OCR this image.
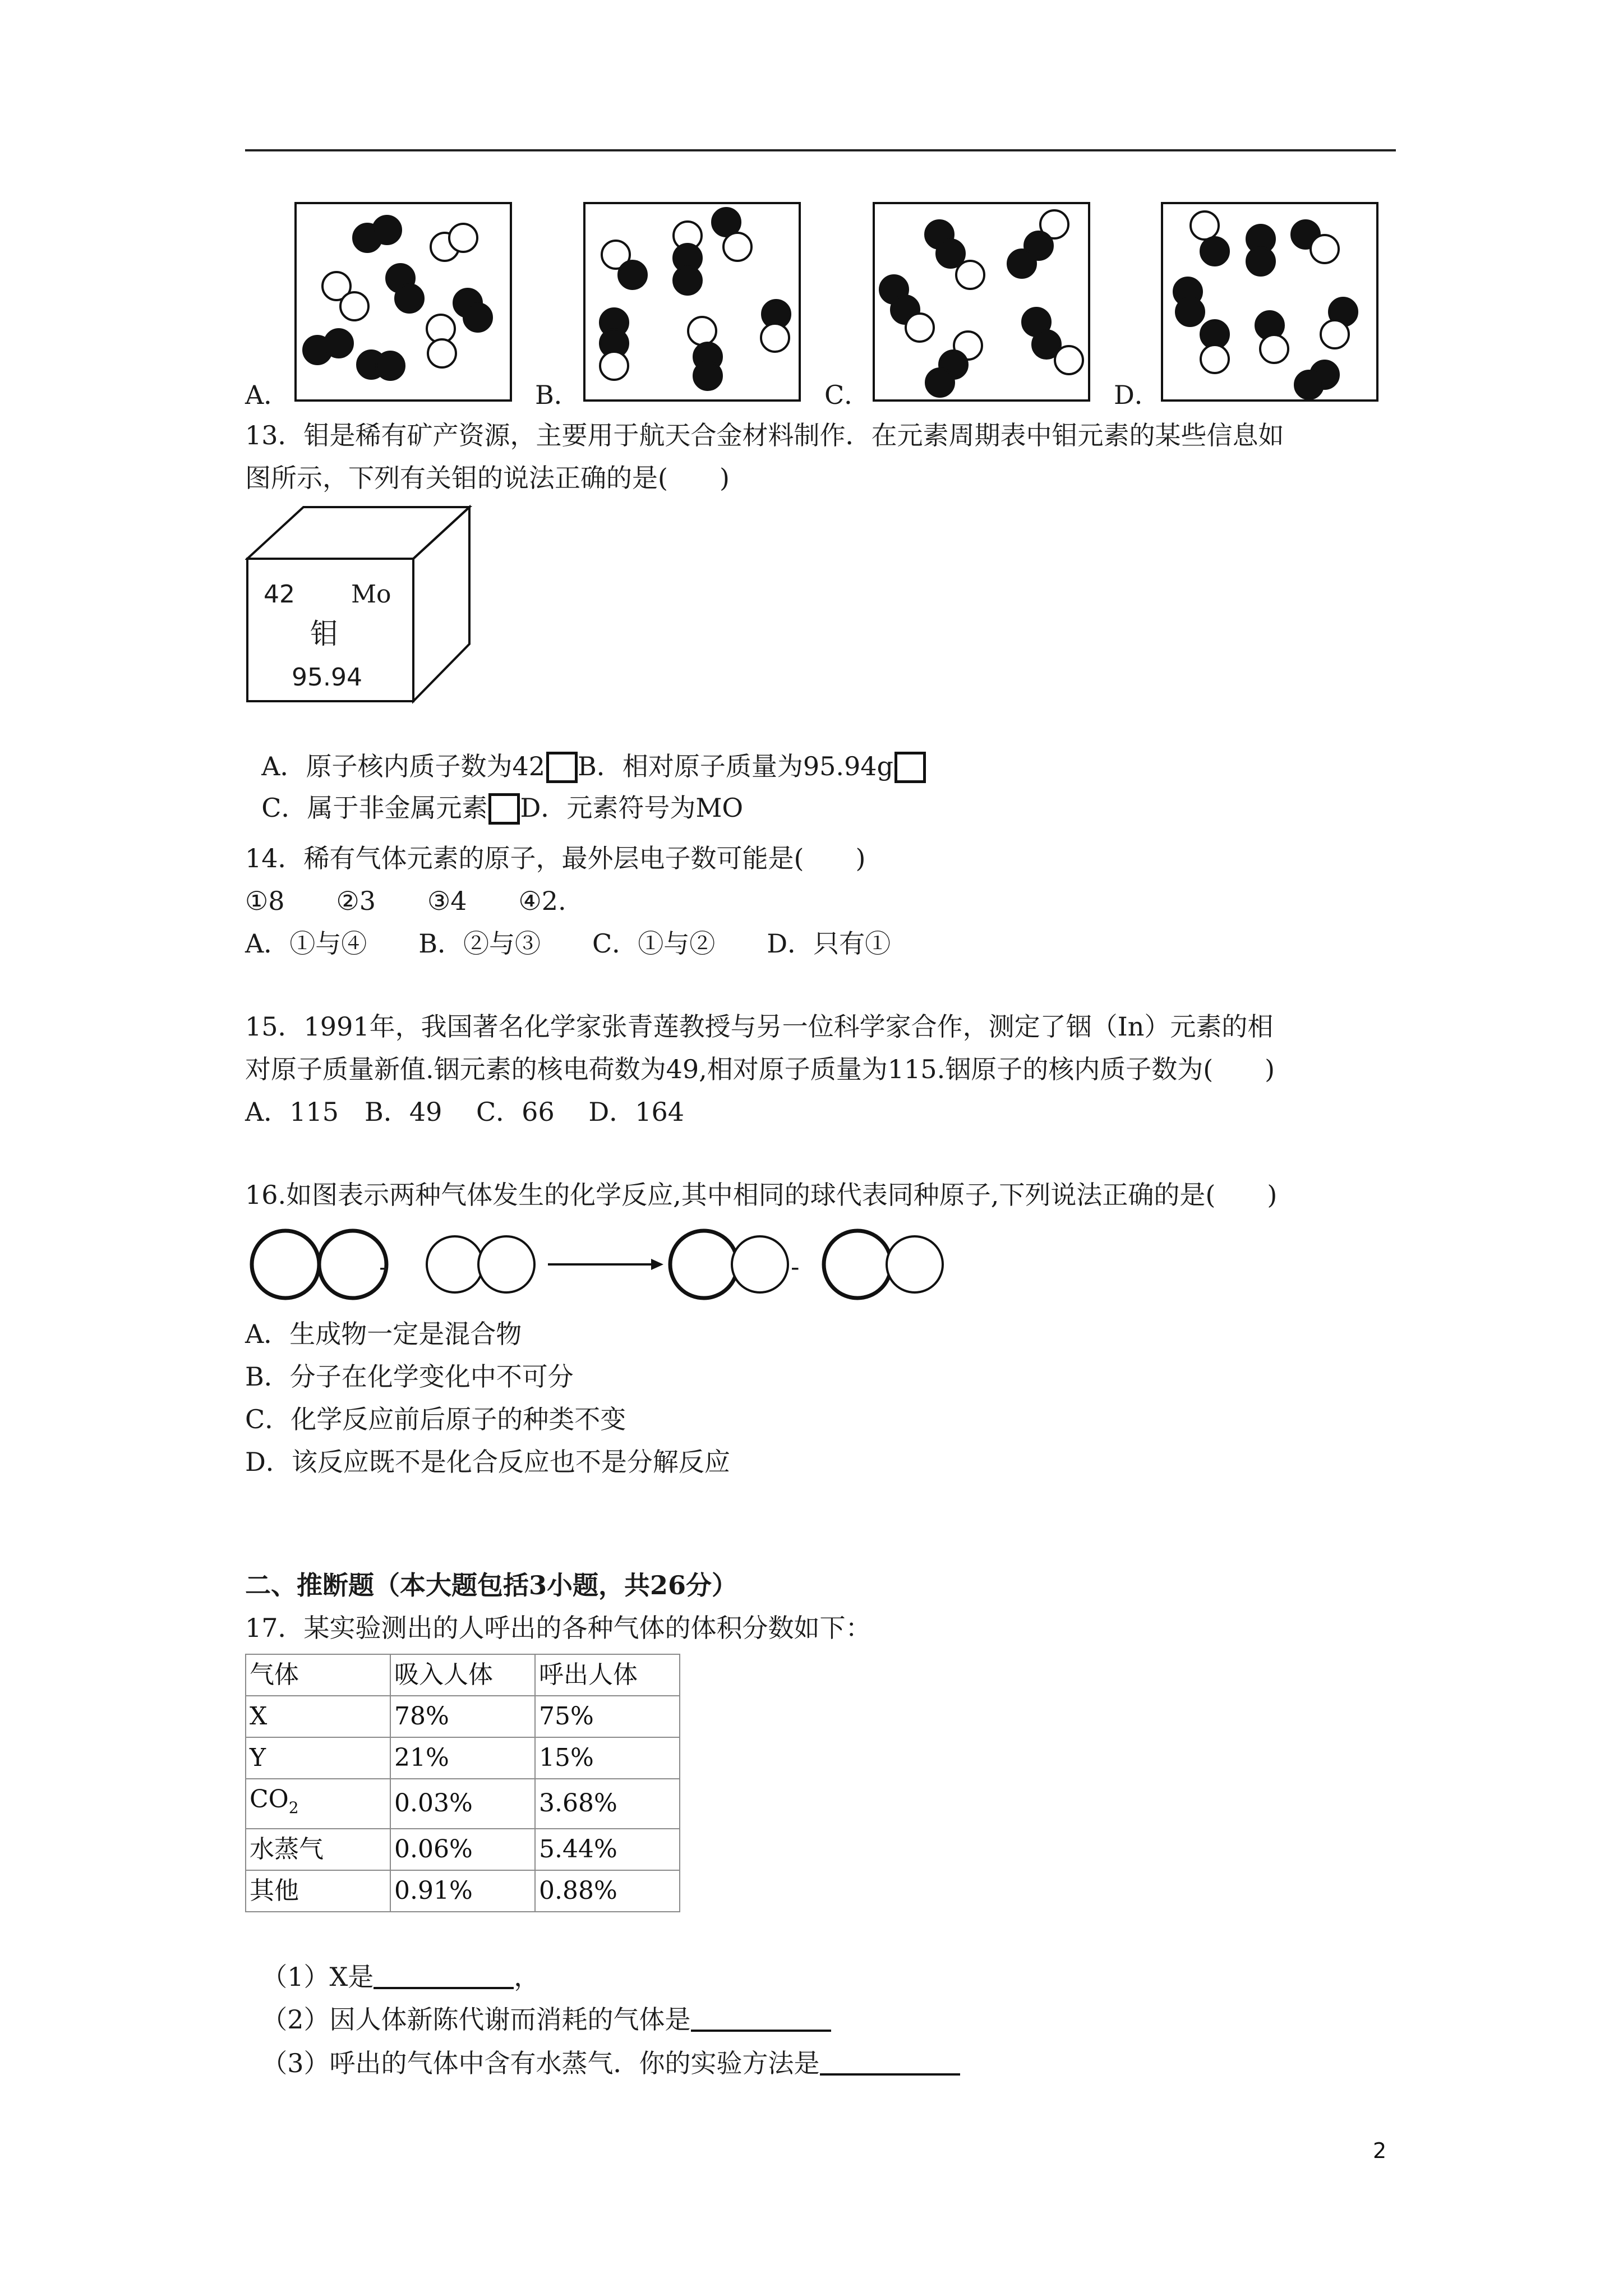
A．	B．	C．	D．
13．钼是稀有矿产资源，主要用于航天合金材料制作．在元素周期表中钼元素的某些信息如
图所示，下列有关钼的说法正确的是(　　)
42 Mo
钼
95.94

A．原子核内质子数为42 B．相对原子质量为95.94g

C．属于非金属元素 D．元素符号为MO

14．稀有气体元素的原子，最外层电子数可能是(　　)
①8　　②3　　③4　　④2.
A．①与④　　B．②与③　　C．①与②　　D．只有①
15．1991年，我国著名化学家张青莲教授与另一位科学家合作，测定了铟（In）元素的相
对原子质量新值.铟元素的核电荷数为49,相对原子质量为115.铟原子的核内质子数为(　　)
A．115　B．49　 C．66　 D．164
16.如图表示两种气体发生的化学反应,其中相同的球代表同种原子,下列说法正确的是(　　)
-	-
A．生成物一定是混合物
B．分子在化学变化中不可分
C．化学反应前后原子的种类不变
D．该反应既不是化合反应也不是分解反应
二、推断题（本大题包括3小题，共26分）
17．某实验测出的人呼出的各种气体的体积分数如下：
气体	吸入人体	呼出人体
X	78%	75%
Y	21%	15%
$CO_2$	0.03%	3.68%
水蒸气	0.06%	5.44%
其他	0.91%	0.88%

（1）X是	，

（2）因人体新陈代谢而消耗的气体是

（3）呼出的气体中含有水蒸气．你的实验方法是

2
